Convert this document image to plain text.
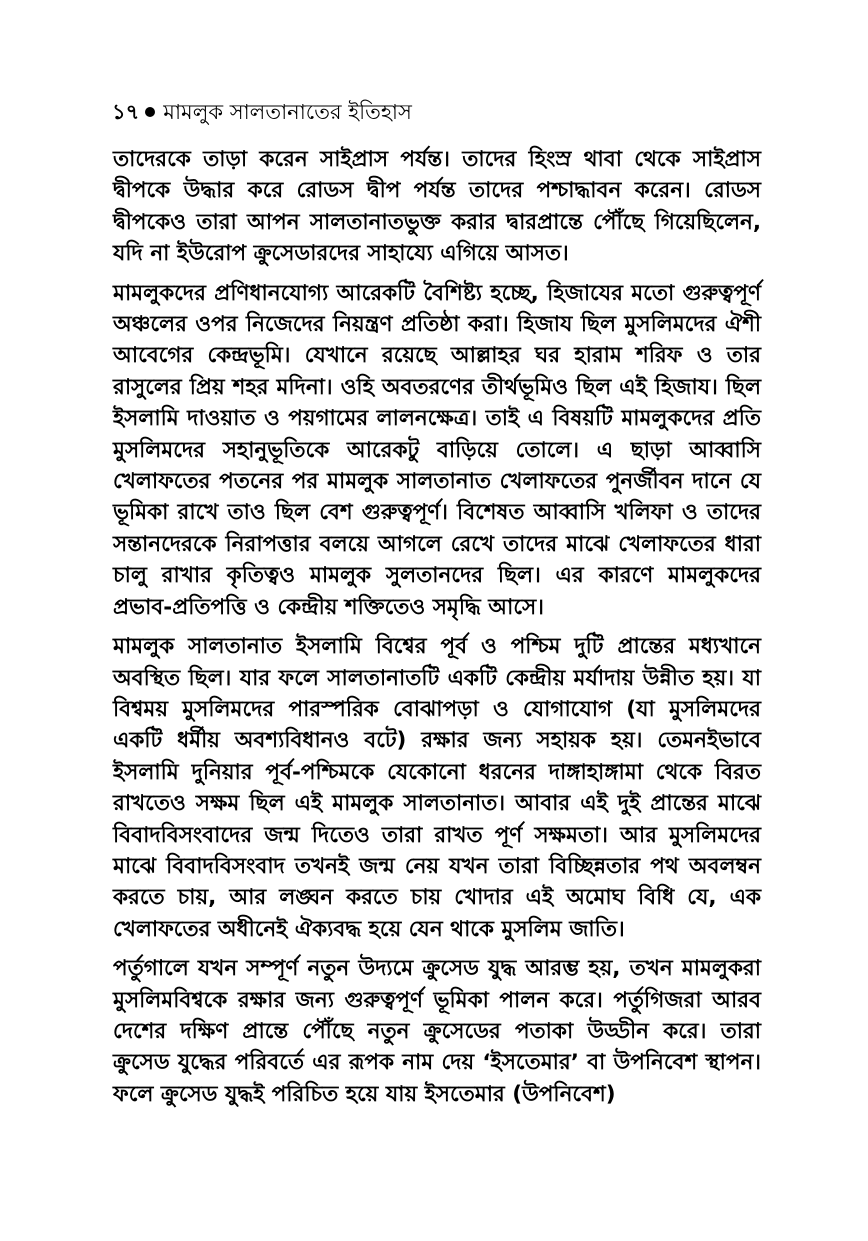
১৭ মামলুক সালতানাতের ইতিহাস

তাদেরকে তাড়া করেন সাইপ্রাস পর্যন্ত। তাদের হিংস্র থাবা থেকে সাইপ্রাস দ্বীপকে উদ্ধার করে রোডস দ্বীপ পর্যন্ত তাদের পশ্চাদ্ধাবন করেন। রোডস দ্বীপকেও তারা আপন সালতানাতভুক্ত করার দ্বারপ্রান্তে পৌঁছে গিয়েছিলেন, যদি না ইউরোপ ক্রুসেডারদের সাহায্যে এগিয়ে আসত।

মামলুকদের প্রণিধানযোগ্য আরেকটি বৈশিষ্ট্য হচ্ছে, হিজাযের মতো গুরুত্বপূর্ণ অঞ্চলের ওপর নিজেদের নিয়ন্ত্রণ প্রতিষ্ঠা করা। হিজায ছিল মুসলিমদের ঐশী আবেগের কেন্দ্রভূমি। যেখানে রয়েছে আল্লাহর ঘর হারাম শরিফ ও তার রাসুলের প্রিয় শহর মদিনা। ওহি অবতরণের তীর্থভূমিও ছিল এই হিজায। ছিল ইসলামি দাওয়াত ও পয়গামের লালনক্ষেত্র। তাই এ বিষয়টি মামলুকদের প্রতি মুসলিমদের সহানুভূতিকে আরেকটু বাড়িয়ে তোলে। এ ছাড়া আব্বাসি খেলাফতের পতনের পর মামলুক সালতানাত খেলাফতের পুনর্জীবন দানে যে ভূমিকা রাখে তাও ছিল বেশ গুরুত্বপূর্ণ। বিশেষত আব্বাসি খলিফা ও তাদের সন্তানদেরকে নিরাপত্তার বলয়ে আগলে রেখে তাদের মাঝে খেলাফতের ধারা চালু রাখার কৃতিত্বও মামলুক সুলতানদের ছিল। এর কারণে মামলুকদের প্রভাব-প্রতিপত্তি ও কেন্দ্রীয় শক্তিতেও সমৃদ্ধি আসে।

মামলুক সালতানাত ইসলামি বিশ্বের পূর্ব ও পশ্চিম দুটি প্রান্তের মধ্যখানে অবস্থিত ছিল। যার ফলে সালতানাতটি একটি কেন্দ্রীয় মর্যাদায় উন্নীত হয়। যা বিশ্বময় মুসলিমদের পারস্পরিক বোঝাপড়া ও যোগাযোগ (যা মুসলিমদের একটি ধর্মীয় অবশ্যবিধানও বটে) রক্ষার জন্য সহায়ক হয়। তেমনইভাবে ইসলামি দুনিয়ার পূর্ব-পশ্চিমকে যেকোনো ধরনের দাঙ্গাহাঙ্গামা থেকে বিরত রাখতেও সক্ষম ছিল এই মামলুক সালতানাত। আবার এই দুই প্রান্তের মাঝে বিবাদবিসংবাদের জন্ম দিতেও তারা রাখত পূর্ণ সক্ষমতা। আর মুসলিমদের মাঝে বিবাদবিসংবাদ তখনই জন্ম নেয় যখন তারা বিচ্ছিন্নতার পথ অবলম্বন করতে চায়, আর লঙ্ঘন করতে চায় খোদার এই অমোঘ বিধি যে, এক খেলাফতের অধীনেই ঐক্যবদ্ধ হয়ে যেন থাকে মুসলিম জাতি।

পর্তুগালে যখন সম্পূর্ণ নতুন উদ্যমে ক্রুসেড যুদ্ধ আরম্ভ হয়, তখন মামলুকরা মুসলিমবিশ্বকে রক্ষার জন্য গুরুত্বপূর্ণ ভূমিকা পালন করে। পর্তুগিজরা আরব দেশের দক্ষিণ প্রান্তে পৌঁছে নতুন ক্রুসেডের পতাকা উড্ডীন করে। তারা ক্রুসেড যুদ্ধের পরিবর্তে এর রূপক নাম দেয় ‘ইসতেমার’ বা উপনিবেশ স্থাপন। ফলে ক্রুসেড যুদ্ধই পরিচিত হয়ে যায় ইসতেমার (উপনিবেশ)
